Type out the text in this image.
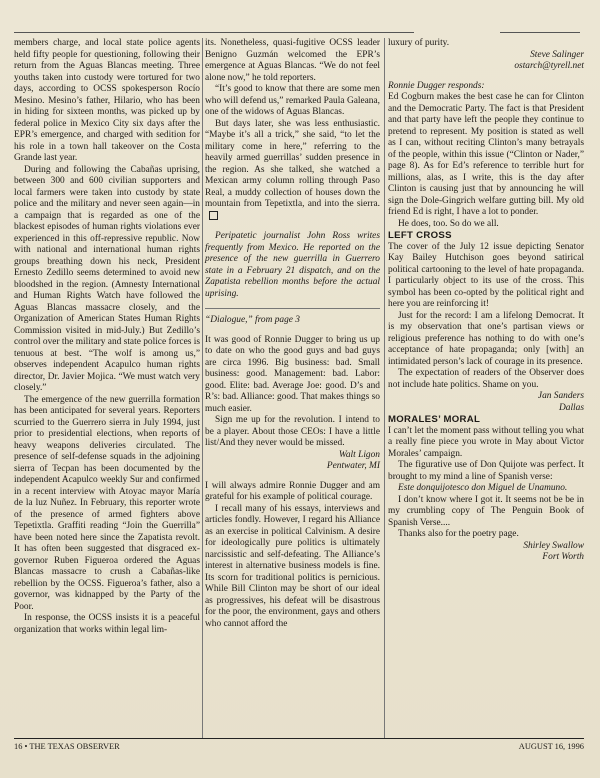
members charge, and local state police agents held fifty people for questioning, following their return from the Aguas Blancas meeting. Three youths taken into custody were tortured for two days, according to OCSS spokesperson Rocío Mesino. Mesino’s father, Hilario, who has been in hiding for sixteen months, was picked up by federal police in Mexico City six days after the EPR’s emergence, and charged with sedition for his role in a town hall takeover on the Costa Grande last year.

During and following the Cabañas uprising, between 300 and 600 civilian supporters and local farmers were taken into custody by state police and the military and never seen again—in a campaign that is regarded as one of the blackest episodes of human rights violations ever experienced in this off-repressive republic. Now with national and international human rights groups breathing down his neck, President Ernesto Zedillo seems determined to avoid new bloodshed in the region. (Amnesty International and Human Rights Watch have followed the Aguas Blancas massacre closely, and the Organization of American States Human Rights Commission visited in mid-July.) But Zedillo’s control over the military and state police forces is tenuous at best. “The wolf is among us,” observes independent Acapulco human rights director, Dr. Javier Mojica. “We must watch very closely.”

The emergence of the new guerrilla formation has been anticipated for several years. Reporters scurried to the Guerrero sierra in July 1994, just prior to presidential elections, when reports of heavy weapons deliveries circulated. The presence of self-defense squads in the adjoining sierra of Tecpan has been documented by the independent Acapulco weekly Sur and confirmed in a recent interview with Atoyac mayor María de la luz Nuñez. In February, this reporter wrote of the presence of armed fighters above Tepetixtla. Graffiti reading “Join the Guerrilla” have been noted here since the Zapatista revolt. It has often been suggested that disgraced ex-governor Ruben Figueroa ordered the Aguas Blancas massacre to crush a Cabañas-like rebellion by the OCSS. Figueroa’s father, also a governor, was kidnapped by the Party of the Poor.

In response, the OCSS insists it is a peaceful organization that works within legal lim-

its. Nonetheless, quasi-fugitive OCSS leader Benigno Guzmán welcomed the EPR’s emergence at Aguas Blancas. “We do not feel alone now,” he told reporters.

“It’s good to know that there are some men who will defend us,” remarked Paula Galeana, one of the widows of Aguas Blancas.

But days later, she was less enthusiastic. “Maybe it’s all a trick,” she said, “to let the military come in here,” referring to the heavily armed guerrillas’ sudden presence in the region. As she talked, she watched a Mexican army column rolling through Paso Real, a muddy collection of houses down the mountain from Tepetixtla, and into the sierra.

Peripatetic journalist John Ross writes frequently from Mexico. He reported on the presence of the new guerrilla in Guerrero state in a February 21 dispatch, and on the Zapatista rebellion months before the actual uprising.

“Dialogue,” from page 3

It was good of Ronnie Dugger to bring us up to date on who the good guys and bad guys are circa 1996. Big business: bad. Small business: good. Management: bad. Labor: good. Elite: bad. Average Joe: good. D’s and R’s: bad. Alliance: good. That makes things so much easier.

Sign me up for the revolution. I intend to be a player. About those CEOs: I have a little list/And they never would be missed.

Walt Ligon

Pentwater, MI

I will always admire Ronnie Dugger and am grateful for his example of political courage.

I recall many of his essays, interviews and articles fondly. However, I regard his Alliance as an exercise in political Calvinism. A desire for ideologically pure politics is ultimately narcissistic and self-defeating. The Alliance’s interest in alternative business models is fine. Its scorn for traditional politics is pernicious. While Bill Clinton may be short of our ideal as progressives, his defeat will be disastrous for the poor, the environment, gays and others who cannot afford the

luxury of purity.

Steve Salinger

ostarch@tyrell.net

Ronnie Dugger responds:

Ed Cogburn makes the best case he can for Clinton and the Democratic Party. The fact is that President and that party have left the people they continue to pretend to represent. My position is stated as well as I can, without reciting Clinton’s many betrayals of the people, within this issue (“Clinton or Nader,” page 8). As for Ed’s reference to terrible hurt for millions, alas, as I write, this is the day after Clinton is causing just that by announcing he will sign the Dole-Gingrich welfare gutting bill. My old friend Ed is right, I have a lot to ponder.

He does, too. So do we all.

LEFT CROSS

The cover of the July 12 issue depicting Senator Kay Bailey Hutchison goes beyond satirical political cartooning to the level of hate propaganda. I particularly object to its use of the cross. This symbol has been co-opted by the political right and here you are reinforcing it!

Just for the record: I am a lifelong Democrat. It is my observation that one’s partisan views or religious preference has nothing to do with one’s acceptance of hate propaganda; only [with] an intimidated person’s lack of courage in its presence.

The expectation of readers of the Observer does not include hate politics. Shame on you.

Jan Sanders

Dallas

MORALES’ MORAL

I can’t let the moment pass without telling you what a really fine piece you wrote in May about Victor Morales’ campaign.

The figurative use of Don Quijote was perfect. It brought to my mind a line of Spanish verse:

Este donquijotesco don Miguel de Unamuno.

I don’t know where I got it. It seems not be be in my crumbling copy of The Penguin Book of Spanish Verse....

Thanks also for the poetry page.

Shirley Swallow

Fort Worth

16 • THE TEXAS OBSERVER	AUGUST 16, 1996
